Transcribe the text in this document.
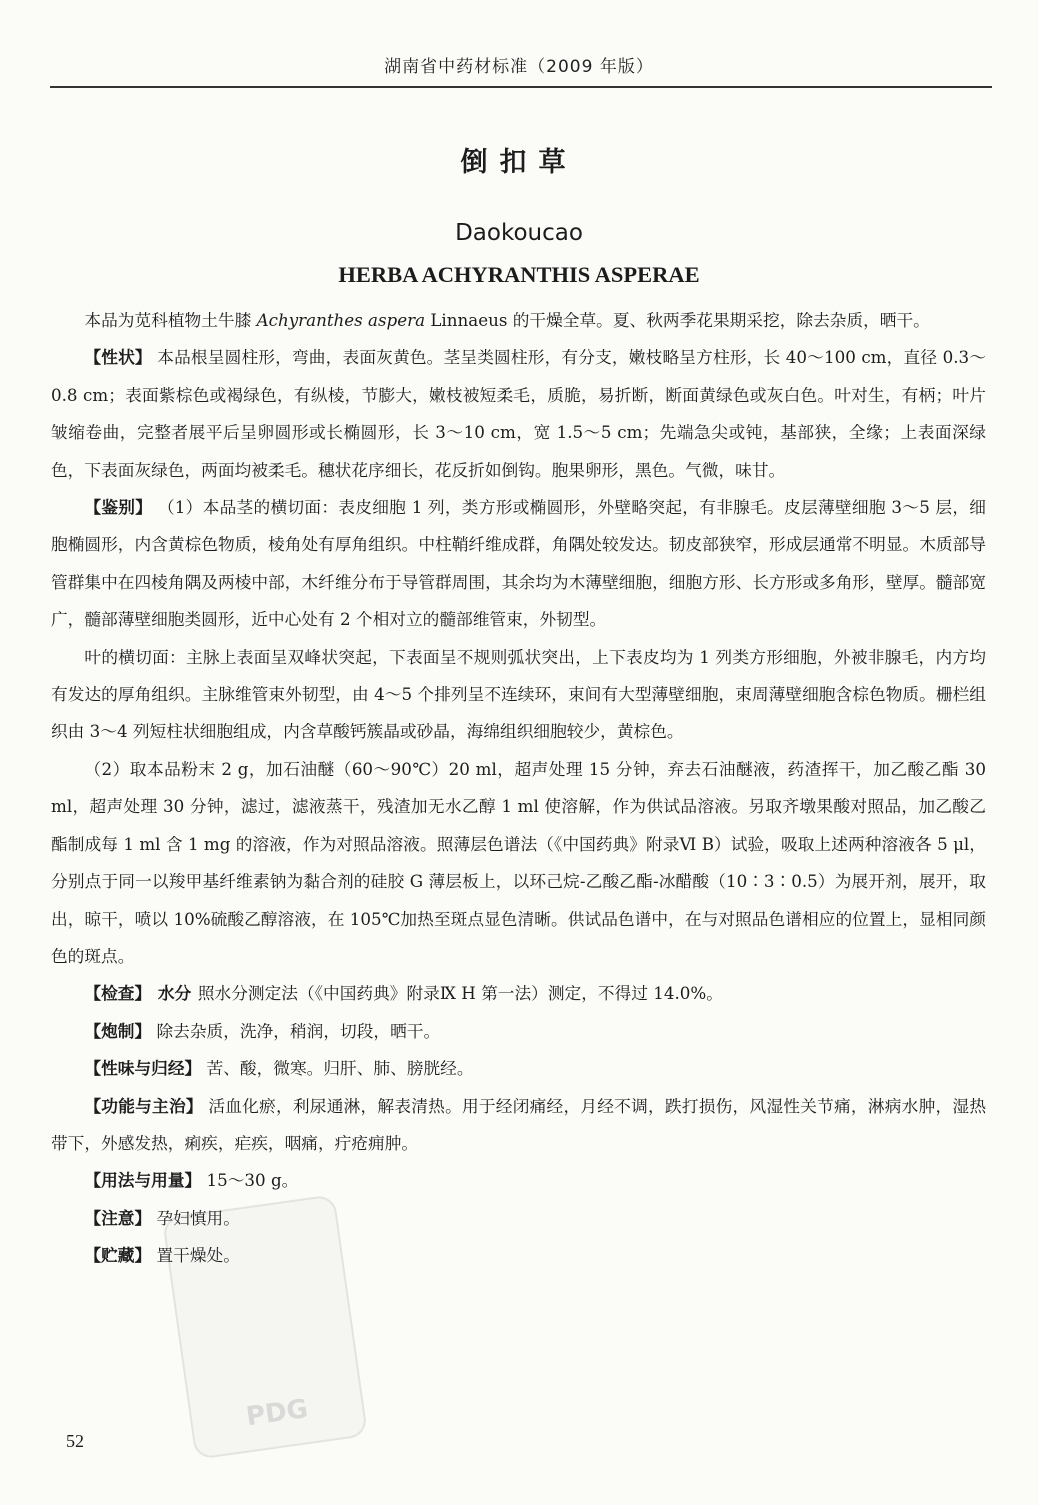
湖南省中药材标准（2009 年版）
倒扣草
Daokoucao
HERBA ACHYRANTHIS ASPERAE

本品为苋科植物土牛膝 Achyranthes aspera Linnaeus 的干燥全草。夏、秋两季花果期采挖，除去杂质，晒干。

【性状】 本品根呈圆柱形，弯曲，表面灰黄色。茎呈类圆柱形，有分支，嫩枝略呈方柱形，长 40～100 cm，直径 0.3～0.8 cm；表面紫棕色或褐绿色，有纵棱，节膨大，嫩枝被短柔毛，质脆，易折断，断面黄绿色或灰白色。叶对生，有柄；叶片皱缩卷曲，完整者展平后呈卵圆形或长椭圆形，长 3～10 cm，宽 1.5～5 cm；先端急尖或钝，基部狭，全缘；上表面深绿色，下表面灰绿色，两面均被柔毛。穗状花序细长，花反折如倒钩。胞果卵形，黑色。气微，味甘。

【鉴别】 （1）本品茎的横切面：表皮细胞 1 列，类方形或椭圆形，外壁略突起，有非腺毛。皮层薄壁细胞 3～5 层，细胞椭圆形，内含黄棕色物质，棱角处有厚角组织。中柱鞘纤维成群，角隅处较发达。韧皮部狭窄，形成层通常不明显。木质部导管群集中在四棱角隅及两棱中部，木纤维分布于导管群周围，其余均为木薄壁细胞，细胞方形、长方形或多角形，壁厚。髓部宽广，髓部薄壁细胞类圆形，近中心处有 2 个相对立的髓部维管束，外韧型。

叶的横切面：主脉上表面呈双峰状突起，下表面呈不规则弧状突出，上下表皮均为 1 列类方形细胞，外被非腺毛，内方均有发达的厚角组织。主脉维管束外韧型，由 4～5 个排列呈不连续环，束间有大型薄壁细胞，束周薄壁细胞含棕色物质。栅栏组织由 3～4 列短柱状细胞组成，内含草酸钙簇晶或砂晶，海绵组织细胞较少，黄棕色。

（2）取本品粉末 2 g，加石油醚（60～90℃）20 ml，超声处理 15 分钟，弃去石油醚液，药渣挥干，加乙酸乙酯 30 ml，超声处理 30 分钟，滤过，滤液蒸干，残渣加无水乙醇 1 ml 使溶解，作为供试品溶液。另取齐墩果酸对照品，加乙酸乙酯制成每 1 ml 含 1 mg 的溶液，作为对照品溶液。照薄层色谱法（《中国药典》附录Ⅵ B）试验，吸取上述两种溶液各 5 μl，分别点于同一以羧甲基纤维素钠为黏合剂的硅胶 G 薄层板上，以环己烷-乙酸乙酯-冰醋酸（10∶3∶0.5）为展开剂，展开，取出，晾干，喷以 10%硫酸乙醇溶液，在 105℃加热至斑点显色清晰。供试品色谱中，在与对照品色谱相应的位置上，显相同颜色的斑点。

【检查】 水分 照水分测定法（《中国药典》附录Ⅸ H 第一法）测定，不得过 14.0%。

【炮制】 除去杂质，洗净，稍润，切段，晒干。

【性味与归经】 苦、酸，微寒。归肝、肺、膀胱经。

【功能与主治】 活血化瘀，利尿通淋，解表清热。用于经闭痛经，月经不调，跌打损伤，风湿性关节痛，淋病水肿，湿热带下，外感发热，痢疾，疟疾，咽痛，疔疮痈肿。

【用法与用量】 15～30 g。

【注意】 孕妇慎用。

【贮藏】 置干燥处。

PDG
52
